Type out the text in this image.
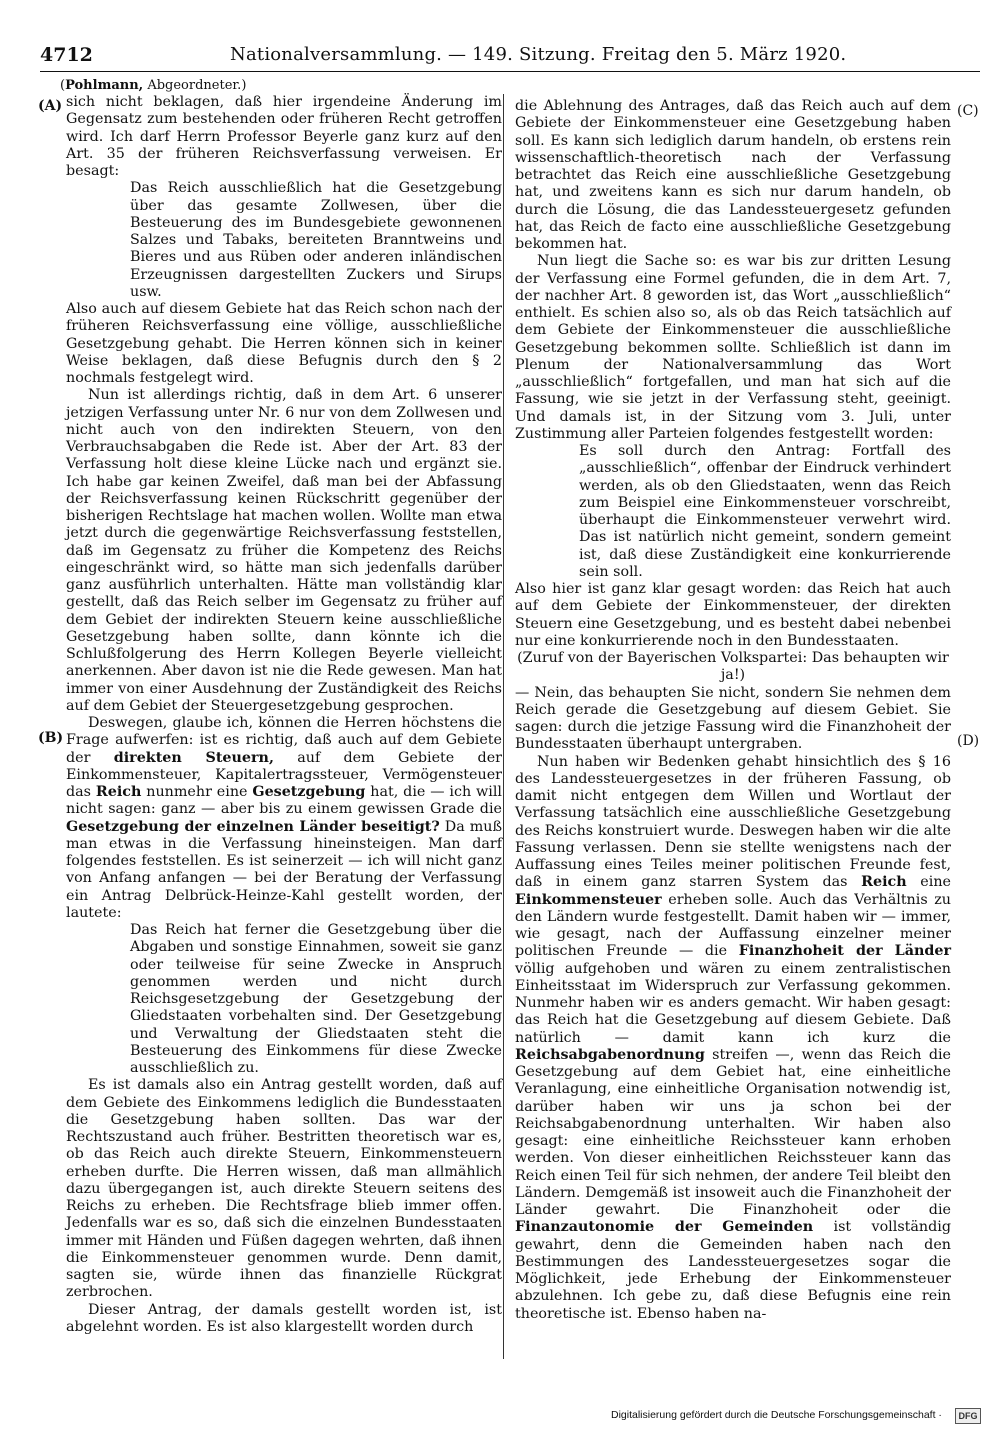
4712	Nationalversammlung. — 149. Sitzung. Freitag den 5. März 1920.
(Pohlmann, Abgeordneter.)
(A)
(B)
(C)
(D)

sich nicht beklagen, daß hier irgendeine Änderung im Gegensatz zum bestehenden oder früheren Recht getroffen wird. Ich darf Herrn Professor Beyerle ganz kurz auf den Art. 35 der früheren Reichsverfassung verweisen. Er besagt:

Das Reich ausschließlich hat die Gesetzgebung über das gesamte Zollwesen, über die Besteuerung des im Bundesgebiete gewonnenen Salzes und Tabaks, bereiteten Branntweins und Bieres und aus Rüben oder anderen inländischen Erzeugnissen dargestellten Zuckers und Sirups usw.

Also auch auf diesem Gebiete hat das Reich schon nach der früheren Reichsverfassung eine völlige, ausschließliche Gesetzgebung gehabt. Die Herren können sich in keiner Weise beklagen, daß diese Befugnis durch den § 2 nochmals festgelegt wird.

Nun ist allerdings richtig, daß in dem Art. 6 unserer jetzigen Verfassung unter Nr. 6 nur von dem Zollwesen und nicht auch von den indirekten Steuern, von den Verbrauchsabgaben die Rede ist. Aber der Art. 83 der Verfassung holt diese kleine Lücke nach und ergänzt sie. Ich habe gar keinen Zweifel, daß man bei der Abfassung der Reichsverfassung keinen Rückschritt gegenüber der bisherigen Rechtslage hat machen wollen. Wollte man etwa jetzt durch die gegenwärtige Reichsverfassung feststellen, daß im Gegensatz zu früher die Kompetenz des Reichs eingeschränkt wird, so hätte man sich jedenfalls darüber ganz ausführlich unterhalten. Hätte man vollständig klar gestellt, daß das Reich selber im Gegensatz zu früher auf dem Gebiet der indirekten Steuern keine ausschließliche Gesetzgebung haben sollte, dann könnte ich die Schlußfolgerung des Herrn Kollegen Beyerle vielleicht anerkennen. Aber davon ist nie die Rede gewesen. Man hat immer von einer Ausdehnung der Zuständigkeit des Reichs auf dem Gebiet der Steuergesetzgebung gesprochen.

Deswegen, glaube ich, können die Herren höchstens die Frage aufwerfen: ist es richtig, daß auch auf dem Gebiete der direkten Steuern, auf dem Gebiete der Einkommensteuer, Kapitalertragssteuer, Vermögensteuer das Reich nunmehr eine Gesetzgebung hat, die — ich will nicht sagen: ganz — aber bis zu einem gewissen Grade die Gesetzgebung der einzelnen Länder beseitigt? Da muß man etwas in die Verfassung hineinsteigen. Man darf folgendes feststellen. Es ist seinerzeit — ich will nicht ganz von Anfang anfangen — bei der Beratung der Verfassung ein Antrag Delbrück-Heinze-Kahl gestellt worden, der lautete:

Das Reich hat ferner die Gesetzgebung über die Abgaben und sonstige Einnahmen, soweit sie ganz oder teilweise für seine Zwecke in Anspruch genommen werden und nicht durch Reichsgesetzgebung der Gesetzgebung der Gliedstaaten vorbehalten sind. Der Gesetzgebung und Verwaltung der Gliedstaaten steht die Besteuerung des Einkommens für diese Zwecke ausschließlich zu.

Es ist damals also ein Antrag gestellt worden, daß auf dem Gebiete des Einkommens lediglich die Bundesstaaten die Gesetzgebung haben sollten. Das war der Rechtszustand auch früher. Bestritten theoretisch war es, ob das Reich auch direkte Steuern, Einkommensteuern erheben durfte. Die Herren wissen, daß man allmählich dazu übergegangen ist, auch direkte Steuern seitens des Reichs zu erheben. Die Rechtsfrage blieb immer offen. Jedenfalls war es so, daß sich die einzelnen Bundesstaaten immer mit Händen und Füßen dagegen wehrten, daß ihnen die Einkommensteuer genommen wurde. Denn damit, sagten sie, würde ihnen das finanzielle Rückgrat zerbrochen.

Dieser Antrag, der damals gestellt worden ist, ist abgelehnt worden. Es ist also klargestellt worden durch

die Ablehnung des Antrages, daß das Reich auch auf dem Gebiete der Einkommensteuer eine Gesetzgebung haben soll. Es kann sich lediglich darum handeln, ob erstens rein wissenschaftlich-theoretisch nach der Verfassung betrachtet das Reich eine ausschließliche Gesetzgebung hat, und zweitens kann es sich nur darum handeln, ob durch die Lösung, die das Landessteuergesetz gefunden hat, das Reich de facto eine ausschließliche Gesetzgebung bekommen hat.

Nun liegt die Sache so: es war bis zur dritten Lesung der Verfassung eine Formel gefunden, die in dem Art. 7, der nachher Art. 8 geworden ist, das Wort „ausschließlich“ enthielt. Es schien also so, als ob das Reich tatsächlich auf dem Gebiete der Einkommensteuer die ausschließliche Gesetzgebung bekommen sollte. Schließlich ist dann im Plenum der Nationalversammlung das Wort „ausschließlich“ fortgefallen, und man hat sich auf die Fassung, wie sie jetzt in der Verfassung steht, geeinigt. Und damals ist, in der Sitzung vom 3. Juli, unter Zustimmung aller Parteien folgendes festgestellt worden:

Es soll durch den Antrag: Fortfall des „ausschließlich“, offenbar der Eindruck verhindert werden, als ob den Gliedstaaten, wenn das Reich zum Beispiel eine Einkommensteuer vorschreibt, überhaupt die Einkommensteuer verwehrt wird. Das ist natürlich nicht gemeint, sondern gemeint ist, daß diese Zuständigkeit eine konkurrierende sein soll.

Also hier ist ganz klar gesagt worden: das Reich hat auch auf dem Gebiete der Einkommensteuer, der direkten Steuern eine Gesetzgebung, und es besteht dabei nebenbei nur eine konkurrierende noch in den Bundesstaaten.

(Zuruf von der Bayerischen Volkspartei: Das behaupten wir ja!)

— Nein, das behaupten Sie nicht, sondern Sie nehmen dem Reich gerade die Gesetzgebung auf diesem Gebiet. Sie sagen: durch die jetzige Fassung wird die Finanzhoheit der Bundesstaaten überhaupt untergraben.

Nun haben wir Bedenken gehabt hinsichtlich des § 16 des Landessteuergesetzes in der früheren Fassung, ob damit nicht entgegen dem Willen und Wortlaut der Verfassung tatsächlich eine ausschließliche Gesetzgebung des Reichs konstruiert wurde. Deswegen haben wir die alte Fassung verlassen. Denn sie stellte wenigstens nach der Auffassung eines Teiles meiner politischen Freunde fest, daß in einem ganz starren System das Reich eine Einkommensteuer erheben solle. Auch das Verhältnis zu den Ländern wurde festgestellt. Damit haben wir — immer, wie gesagt, nach der Auffassung einzelner meiner politischen Freunde — die Finanzhoheit der Länder völlig aufgehoben und wären zu einem zentralistischen Einheitsstaat im Widerspruch zur Verfassung gekommen. Nunmehr haben wir es anders gemacht. Wir haben gesagt: das Reich hat die Gesetzgebung auf diesem Gebiete. Daß natürlich — damit kann ich kurz die Reichsabgabenordnung streifen —, wenn das Reich die Gesetzgebung auf dem Gebiet hat, eine einheitliche Veranlagung, eine einheitliche Organisation notwendig ist, darüber haben wir uns ja schon bei der Reichsabgabenordnung unterhalten. Wir haben also gesagt: eine einheitliche Reichssteuer kann erhoben werden. Von dieser einheitlichen Reichssteuer kann das Reich einen Teil für sich nehmen, der andere Teil bleibt den Ländern. Demgemäß ist insoweit auch die Finanzhoheit der Länder gewahrt. Die Finanzhoheit oder die Finanzautonomie der Gemeinden ist vollständig gewahrt, denn die Gemeinden haben nach den Bestimmungen des Landessteuergesetzes sogar die Möglichkeit, jede Erhebung der Einkommensteuer abzulehnen. Ich gebe zu, daß diese Befugnis eine rein theoretische ist. Ebenso haben na-

Digitalisierung gefördert durch die Deutsche Forschungsgemeinschaft ·	DFG
